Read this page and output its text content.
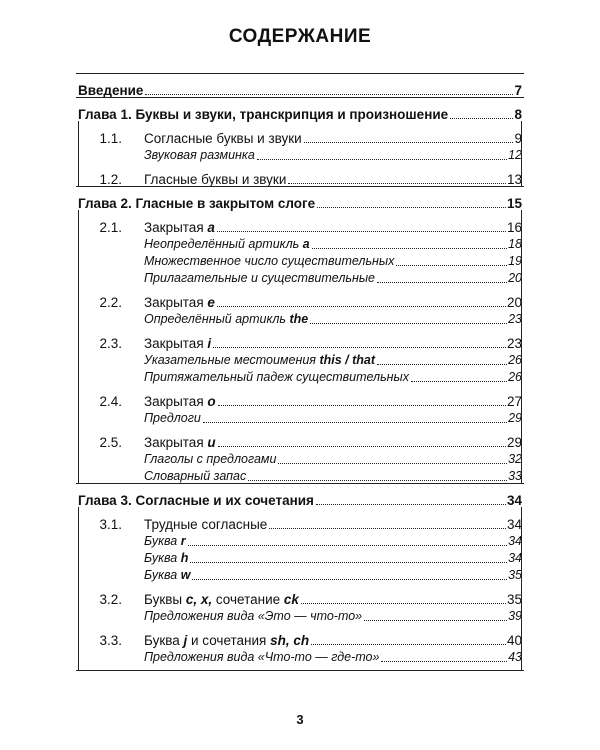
СОДЕРЖАНИЕ
Введение	7
Глава 1. Буквы и звуки, транскрипция и произношение	8
1.1. Согласные буквы и звуки	9
Звуковая разминка	12
1.2. Гласные буквы и звуки	13
Глава 2. Гласные в закрытом слоге	15
2.1. Закрытая a	16
Неопределённый артикль a	18
Множественное число существительных	19
Прилагательные и существительные	20
2.2. Закрытая e	20
Определённый артикль the	23
2.3. Закрытая i	23
Указательные местоимения this / that	26
Притяжательный падеж существительных	26
2.4. Закрытая o	27
Предлоги	29
2.5. Закрытая u	29
Глаголы с предлогами	32
Словарный запас	33
Глава 3. Согласные и их сочетания	34
3.1. Трудные согласные	34
Буква r	34
Буква h	34
Буква w	35
3.2. Буквы c, x, сочетание ck	35
Предложения вида «Это — что-то»	39
3.3. Буква j и сочетания sh, ch	40
Предложения вида «Что-то — где-то»	43
3
